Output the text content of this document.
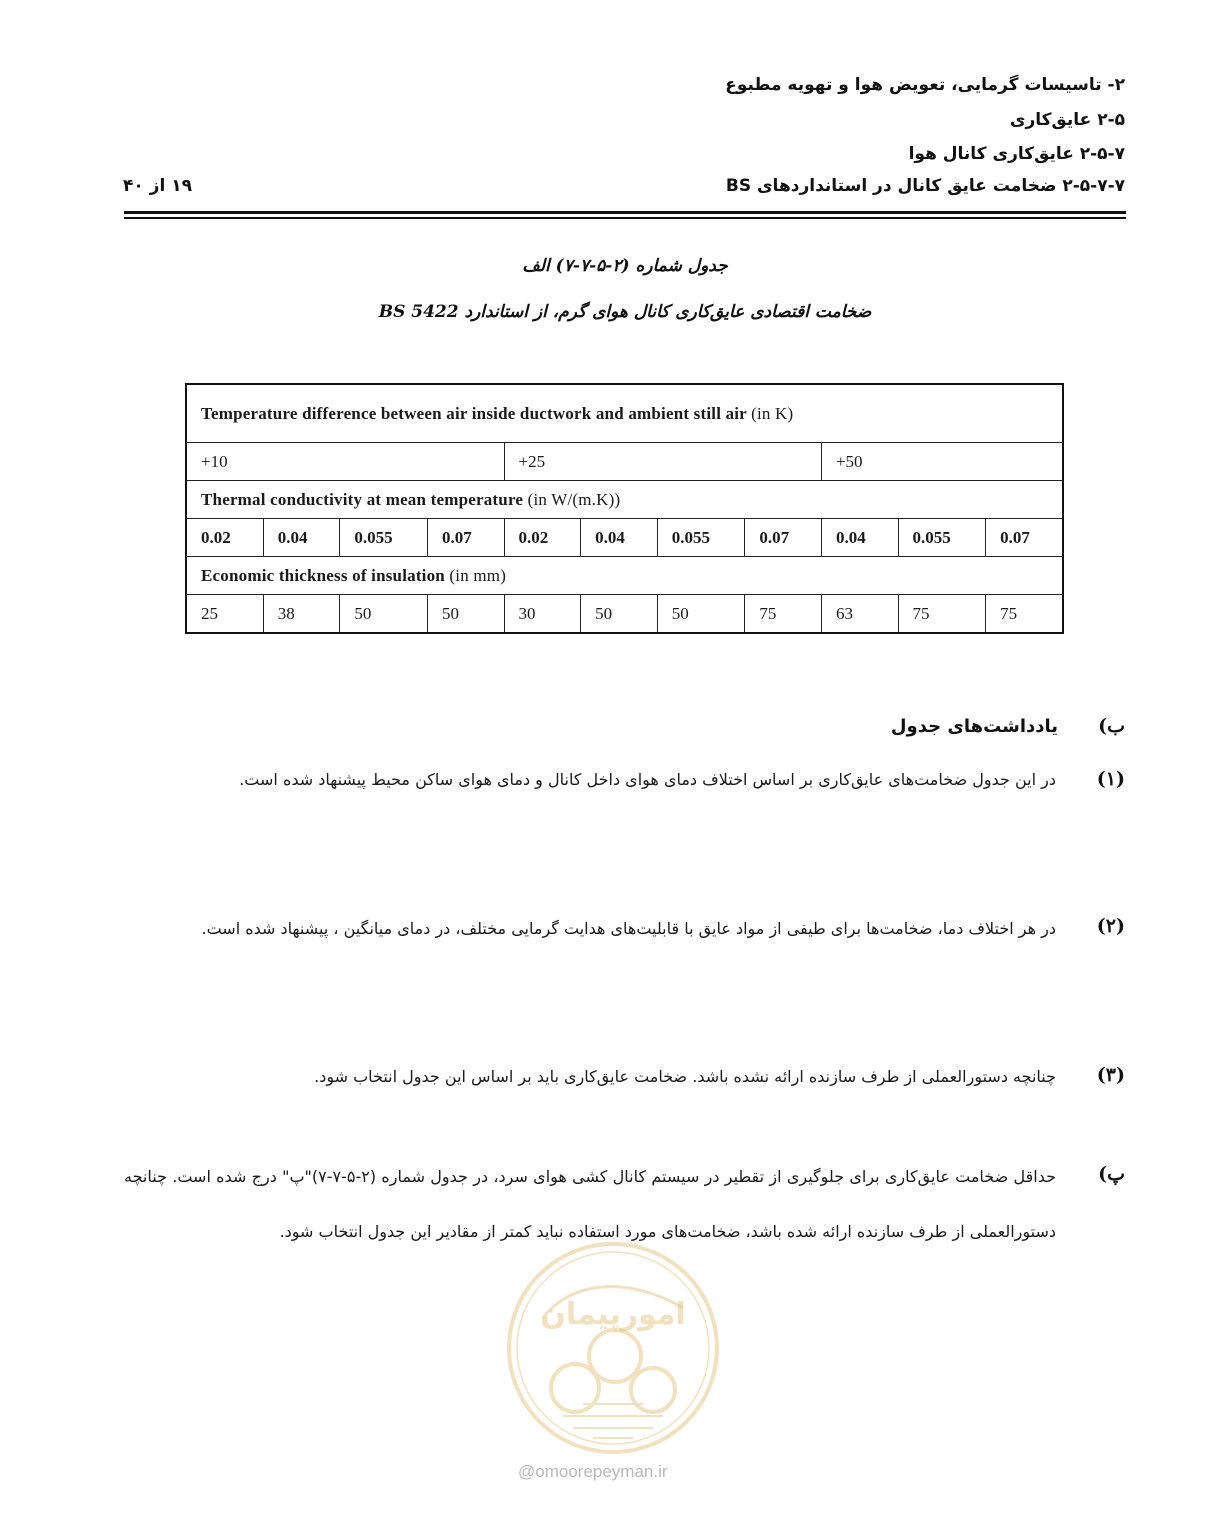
۲- تاسیسات گرمایی، تعویض هوا و تهویه مطبوع
۲-۵ عایق‌کاری
۲-۵-۷ عایق‌کاری کانال هوا
۲-۵-۷-۷ ضخامت عایق کانال در استانداردهای BS
۱۹ از ۴۰
جدول شماره (۲-۵-۷-۷) الف
ضخامت اقتصادی عایق‌کاری کانال هوای گرم، از استاندارد BS 5422
Temperature difference between air inside ductwork and ambient still air (in K)										
+10				+25				+50		
Thermal conductivity at mean temperature (in W/(m.K))										
0.02	0.04	0.055	0.07	0.02	0.04	0.055	0.07	0.04	0.055	0.07
Economic thickness of insulation (in mm)										
25	38	50	50	30	50	50	75	63	75	75
ب)
یادداشت‌های جدول
(۱)
در این جدول ضخامت‌های عایق‌کاری بر اساس اختلاف دمای هوای داخل کانال و دمای هوای ساکن محیط پیشنهاد شده است.
(۲)
در هر اختلاف دما، ضخامت‌ها برای طیفی از مواد عایق با قابلیت‌های هدایت گرمایی مختلف، در دمای میانگین ، پیشنهاد شده است.
(۳)
چنانچه دستورالعملی از طرف سازنده ارائه نشده باشد. ضخامت عایق‌کاری باید بر اساس این جدول انتخاب شود.
پ)
حداقل ضخامت عایق‌کاری برای جلوگیری از تقطیر در سیستم کانال کشی هوای سرد، در جدول شماره (۲-۵-۷-۷)"پ" درج شده است. چنانچه دستورالعملی از طرف سازنده ارائه شده باشد، ضخامت‌های مورد استفاده نباید کمتر از مقادیر این جدول انتخاب شود.
امورپیمان
@omoorepeyman.ir
